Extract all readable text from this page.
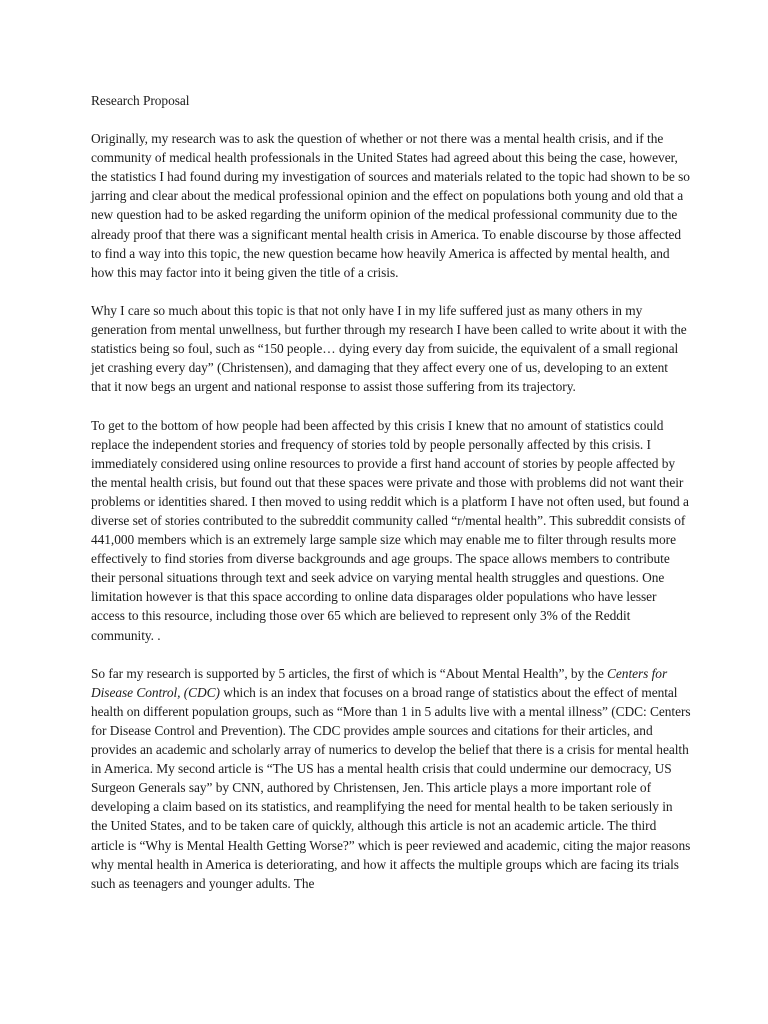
Research Proposal

Originally, my research was to ask the question of whether or not there was a mental health crisis, and if the community of medical health professionals in the United States had agreed about this being the case, however, the statistics I had found during my investigation of sources and materials related to the topic had shown to be so jarring and clear about the medical professional opinion and the effect on populations both young and old that a new question had to be asked regarding the uniform opinion of the medical professional community due to the already proof that there was a significant mental health crisis in America. To enable discourse by those affected to find a way into this topic, the new question became how heavily America is affected by mental health, and how this may factor into it being given the title of a crisis.

Why I care so much about this topic is that not only have I in my life suffered just as many others in my generation from mental unwellness, but further through my research I have been called to write about it with the statistics being so foul, such as “150 people… dying every day from suicide, the equivalent of a small regional jet crashing every day” (Christensen), and damaging that they affect every one of us, developing to an extent that it now begs an urgent and national response to assist those suffering from its trajectory.

To get to the bottom of how people had been affected by this crisis I knew that no amount of statistics could replace the independent stories and frequency of stories told by people personally affected by this crisis. I immediately considered using online resources to provide a first hand account of stories by people affected by the mental health crisis, but found out that these spaces were private and those with problems did not want their problems or identities shared. I then moved to using reddit which is a platform I have not often used, but found a diverse set of stories contributed to the subreddit community called “r/mental health”. This subreddit consists of 441,000 members which is an extremely large sample size which may enable me to filter through results more effectively to find stories from diverse backgrounds and age groups. The space allows members to contribute their personal situations through text and seek advice on varying mental health struggles and questions. One limitation however is that this space according to online data disparages older populations who have lesser access to this resource, including those over 65 which are believed to represent only 3% of the Reddit community. .

So far my research is supported by 5 articles, the first of which is “About Mental Health”, by the Centers for Disease Control, (CDC) which is an index that focuses on a broad range of statistics about the effect of mental health on different population groups, such as “More than 1 in 5 adults live with a mental illness” (CDC: Centers for Disease Control and Prevention). The CDC provides ample sources and citations for their articles, and provides an academic and scholarly array of numerics to develop the belief that there is a crisis for mental health in America. My second article is “The US has a mental health crisis that could undermine our democracy, US Surgeon Generals say” by CNN, authored by Christensen, Jen. This article plays a more important role of developing a claim based on its statistics, and reamplifying the need for mental health to be taken seriously in the United States, and to be taken care of quickly, although this article is not an academic article. The third article is “Why is Mental Health Getting Worse?” which is peer reviewed and academic, citing the major reasons why mental health in America is deteriorating, and how it affects the multiple groups which are facing its trials such as teenagers and younger adults. The
